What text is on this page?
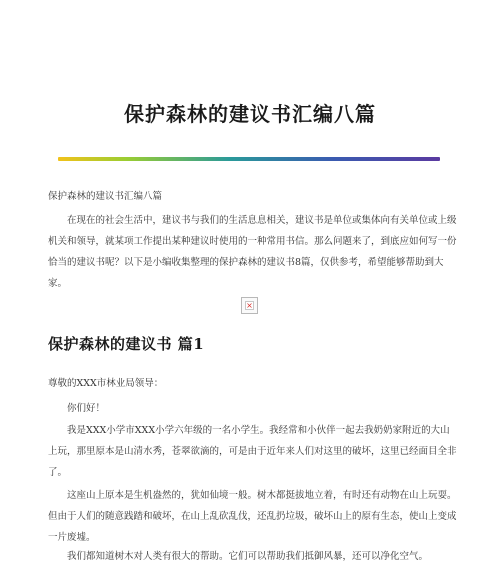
保护森林的建议书汇编八篇
保护森林的建议书汇编八篇
在现在的社会生活中，建议书与我们的生活息息相关，建议书是单位或集体向有关单位或上级机关和领导，就某项工作提出某种建议时使用的一种常用书信。那么问题来了，到底应如何写一份恰当的建议书呢？以下是小编收集整理的保护森林的建议书8篇，仅供参考，希望能够帮助到大家。
×
保护森林的建议书 篇1
尊敬的XXX市林业局领导：
你们好！
我是XXX小学市XXX小学六年级的一名小学生。我经常和小伙伴一起去我奶奶家附近的大山上玩，那里原本是山清水秀，苍翠欲滴的，可是由于近年来人们对这里的破坏，这里已经面目全非了。
这座山上原本是生机盎然的，犹如仙境一般。树木都挺拔地立着，有时还有动物在山上玩耍。但由于人们的随意践踏和破坏，在山上乱砍乱伐，还乱扔垃圾，破坏山上的原有生态，使山上变成一片废墟。
我们都知道树木对人类有很大的帮助。它们可以帮助我们抵御风暴，还可以净化空气。
